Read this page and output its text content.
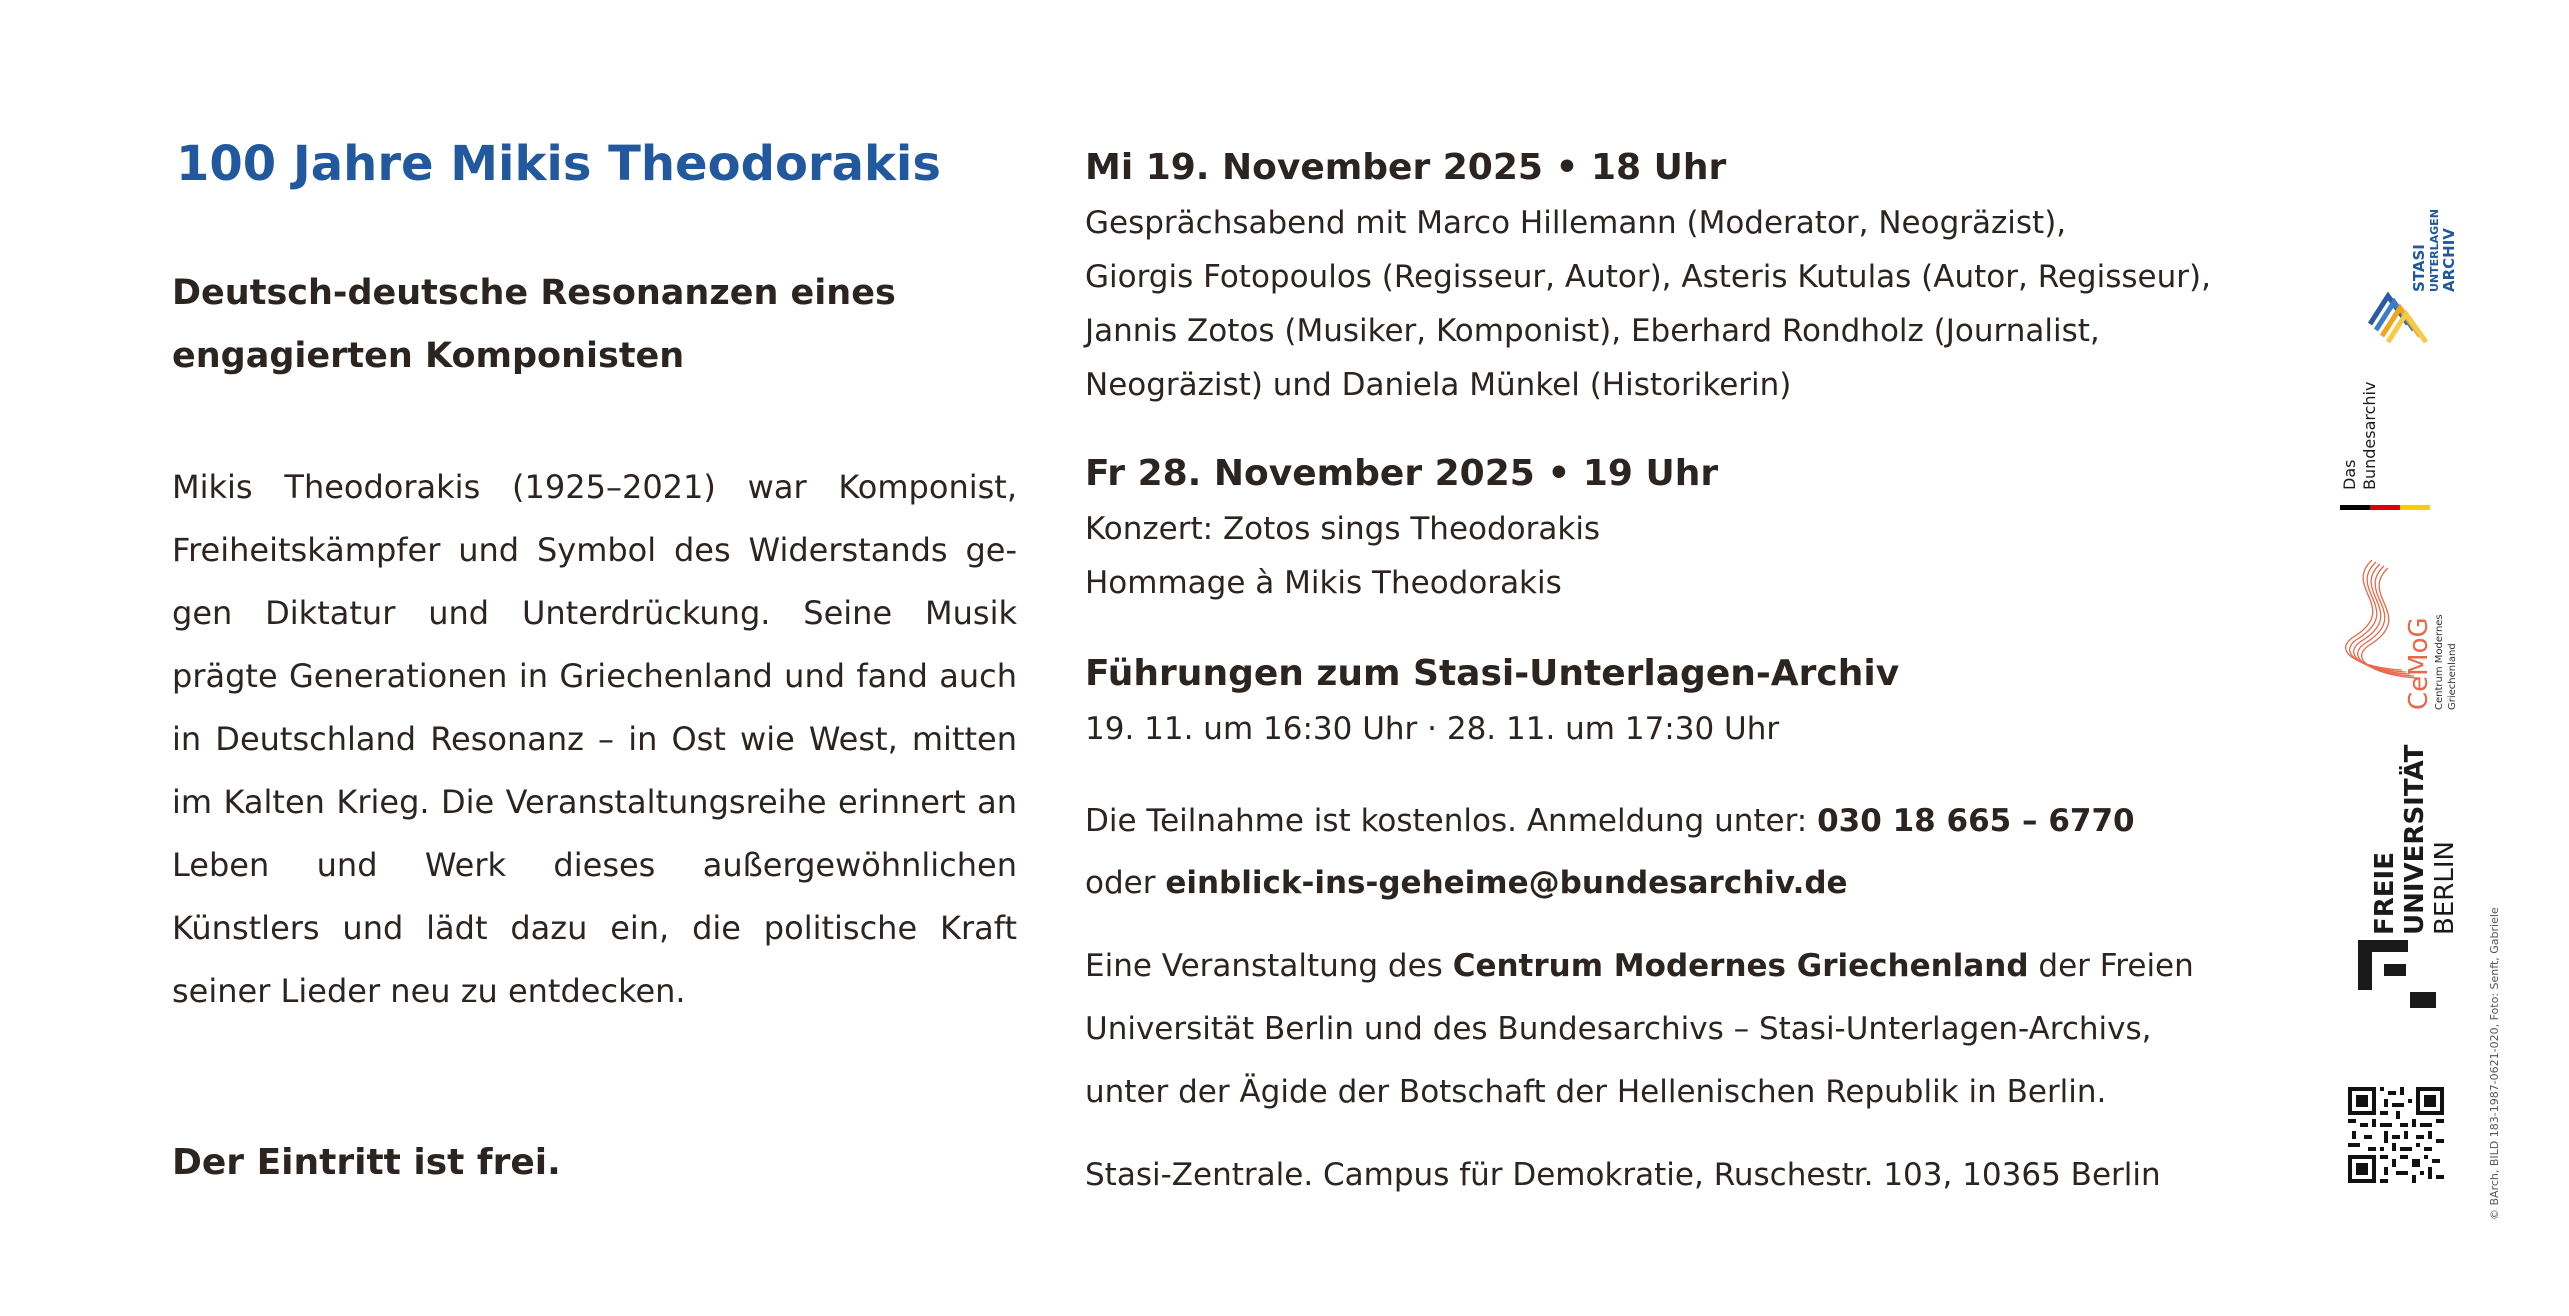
100 Jahre Mikis Theodorakis
Deutsch-deutsche Resonanzen eines
engagierten Komponisten
Mikis Theodorakis (1925–2021) war Komponist, Freiheitskämpfer und Symbol des Widerstands gegen Diktatur und Unterdrückung. Seine Musik prägte Generationen in Griechenland und fand auch in Deutschland Resonanz – in Ost wie West, mitten im Kalten Krieg. Die Veranstaltungsreihe erinnert an Leben und Werk dieses außergewöhnlichen Künstlers und lädt dazu ein, die politische Kraft seiner Lieder neu zu entdecken.
Der Eintritt ist frei.
Mi 19. November 2025 • 18 Uhr
Gesprächsabend mit Marco Hillemann (Moderator, Neogräzist),
Giorgis Fotopoulos (Regisseur, Autor), Asteris Kutulas (Autor, Regisseur),
Jannis Zotos (Musiker, Komponist), Eberhard Rondholz (Journalist,
Neogräzist) und Daniela Münkel (Historikerin)
Fr 28. November 2025 • 19 Uhr
Konzert: Zotos sings Theodorakis
Hommage à Mikis Theodorakis
Führungen zum Stasi-Unterlagen-Archiv
19. 11. um 16:30 Uhr · 28. 11. um 17:30 Uhr
Die Teilnahme ist kostenlos. Anmeldung unter: 030 18 665 – 6770
oder einblick-ins-geheime@bundesarchiv.de
Eine Veranstaltung des Centrum Modernes Griechenland der Freien
Universität Berlin und des Bundesarchivs – Stasi-Unterlagen-Archivs,
unter der Ägide der Botschaft der Hellenischen Republik in Berlin.
Stasi-Zentrale. Campus für Demokratie, Ruschestr. 103, 10365 Berlin
STASI UNTERLAGEN ARCHIV
Das Bundesarchiv
CeMoG Centrum Modernes Griechenland
FREIE UNIVERSITÄT BERLIN
© BArch, BILD 183-1987-0621-020, Foto: Senft, Gabriele
